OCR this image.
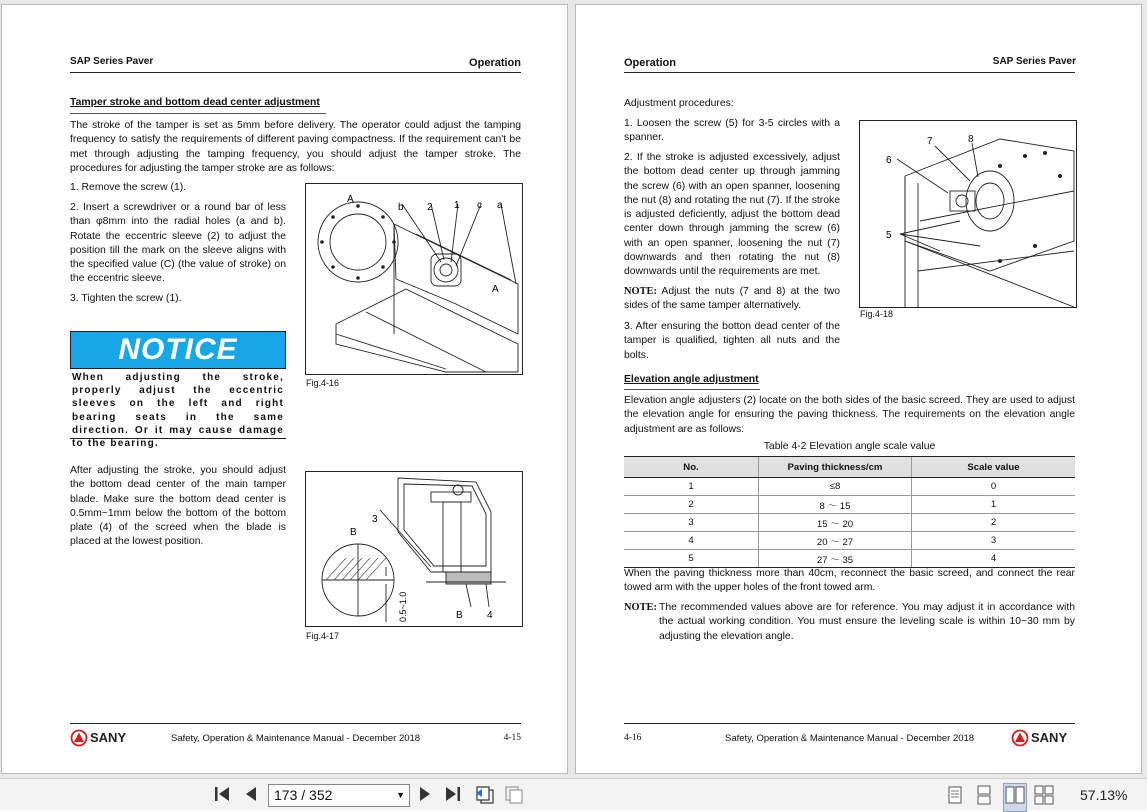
SAP Series Paver	Operation
Tamper stroke and bottom dead center adjustment

The stroke of the tamper is set as 5mm before delivery. The operator could adjust the tamping frequency to satisfy the requirements of different paving compactness. If the requirement can't be met through adjusting the tamping frequency, you should adjust the tamper stroke. The procedures for adjusting the tamper stroke are as follows:

1. Remove the screw (1).

2. Insert a screwdriver or a round bar of less than φ8mm into the radial holes (a and b). Rotate the eccentric sleeve (2) to adjust the position till the mark on the sleeve aligns with the specified value (C) (the value of stroke) on the eccentric sleeve.

3. Tighten the screw (1).

NOTICE
When adjusting the stroke, properly adjust the eccentric sleeves on the left and right bearing seats in the same direction. Or it may cause damage to the bearing.

After adjusting the stroke, you should adjust the bottom dead center of the main tamper blade. Make sure the bottom dead center is 0.5mm~1mm below the bottom of the bottom plate (4) of the screed when the blade is placed at the lowest position.

A
b 2 1 c a
A
Fig.4-16
3
B
B 4
0.5~1.0
Fig.4-17
SANY	Safety, Operation & Maintenance Manual - December 2018	4-15
Operation	SAP Series Paver
Adjustment procedures:

1. Loosen the screw (5) for 3-5 circles with a spanner.

2. If the stroke is adjusted excessively, adjust the bottom dead center up through jamming the screw (6) with an open spanner, loosening the nut (8) and rotating the nut (7). If the stroke is adjusted deficiently, adjust the bottom dead center down through jamming the screw (6) with an open spanner, loosening the nut (7) downwards and then rotating the nut (8) downwards until the requirements are met.

NOTE: Adjust the nuts (7 and 8) at the two sides of the same tamper alternatively.

3. After ensuring the botton dead center of the tamper is qualified, tighten all nuts and the bolts.

7	8
6
5
Fig.4-18
Elevation angle adjustment

Elevation angle adjusters (2) locate on the both sides of the basic screed. They are used to adjust the elevation angle for ensuring the paving thickness. The requirements on the elevation angle adjustment are as follows:

Table 4-2 Elevation angle scale value
No.	Paving thickness/cm	Scale value
1	≤8	0
2	8 ～ 15	1
3	15 ～ 20	2
4	20 ～ 27	3
5	27 ～ 35	4

When the paving thickness more than 40cm, reconnect the basic screed, and connect the rear towed arm with the upper holes of the front towed arm.

NOTE: The recommended values above are for reference. You may adjust it in accordance with the actual working condition. You must ensure the leveling scale is within 10~30 mm by adjusting the elevation angle.
4-16	Safety, Operation & Maintenance Manual - December 2018	SANY
173 / 352	▼	57.13%
